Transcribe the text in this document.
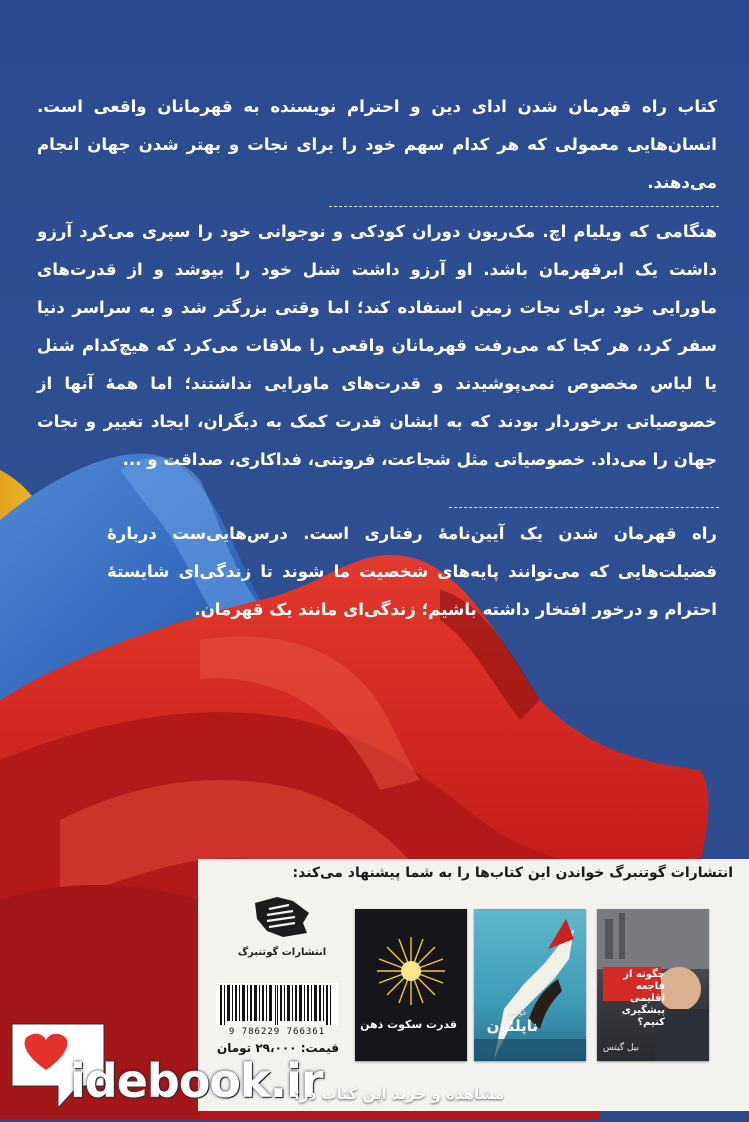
کتاب راه قهرمان شدن ادای دین و احترام نویسنده به قهرمانان واقعی است. انسان‌هایی معمولی که هر کدام سهم خود را برای نجات و بهتر شدن جهان انجام می‌دهند.
هنگامی که ویلیام اچ. مک‌ریون دوران کودکی و نوجوانی خود را سپری می‌کرد آرزو داشت یک ابرقهرمان باشد. او آرزو داشت شنل خود را بپوشد و از قدرت‌های ماورایی خود برای نجات زمین استفاده کند؛ اما وقتی بزرگتر شد و به سراسر دنیا سفر کرد، هر کجا که می‌رفت قهرمانان واقعی را ملاقات می‌کرد که هیچ‌کدام شنل یا لباس مخصوص نمی‌پوشیدند و قدرت‌های ماورایی نداشتند؛ اما همهٔ آنها از خصوصیاتی برخوردار بودند که به ایشان قدرت کمک به دیگران، ایجاد تغییر و نجات جهان را می‌داد. خصوصیاتی مثل شجاعت، فروتنی، فداکاری، صداقت و ...
راه قهرمان شدن یک آیین‌نامهٔ رفتاری است. درس‌هایی‌ست دربارهٔ فضیلت‌هایی که می‌توانند پایه‌های شخصیت ما شوند تا زندگی‌ای شایستهٔ احترام و درخور افتخار داشته باشیم؛ زندگی‌ای مانند یک قهرمان.
انتشارات گوتنبرگ خواندن این کتاب‌ها را به شما پیشنهاد می‌کند:
چگونه از فاجعه اقلیمی پیشگیری کنیم؟
بیل گیتس
قوانین
ناپلئون
قدرت سکوت ذهن
انتشارات گوتنبرگ
9 786229 766361
قیمت: ۲۹،۰۰۰ تومان
idebook.ir
مشاهده و خرید این کتاب در:
